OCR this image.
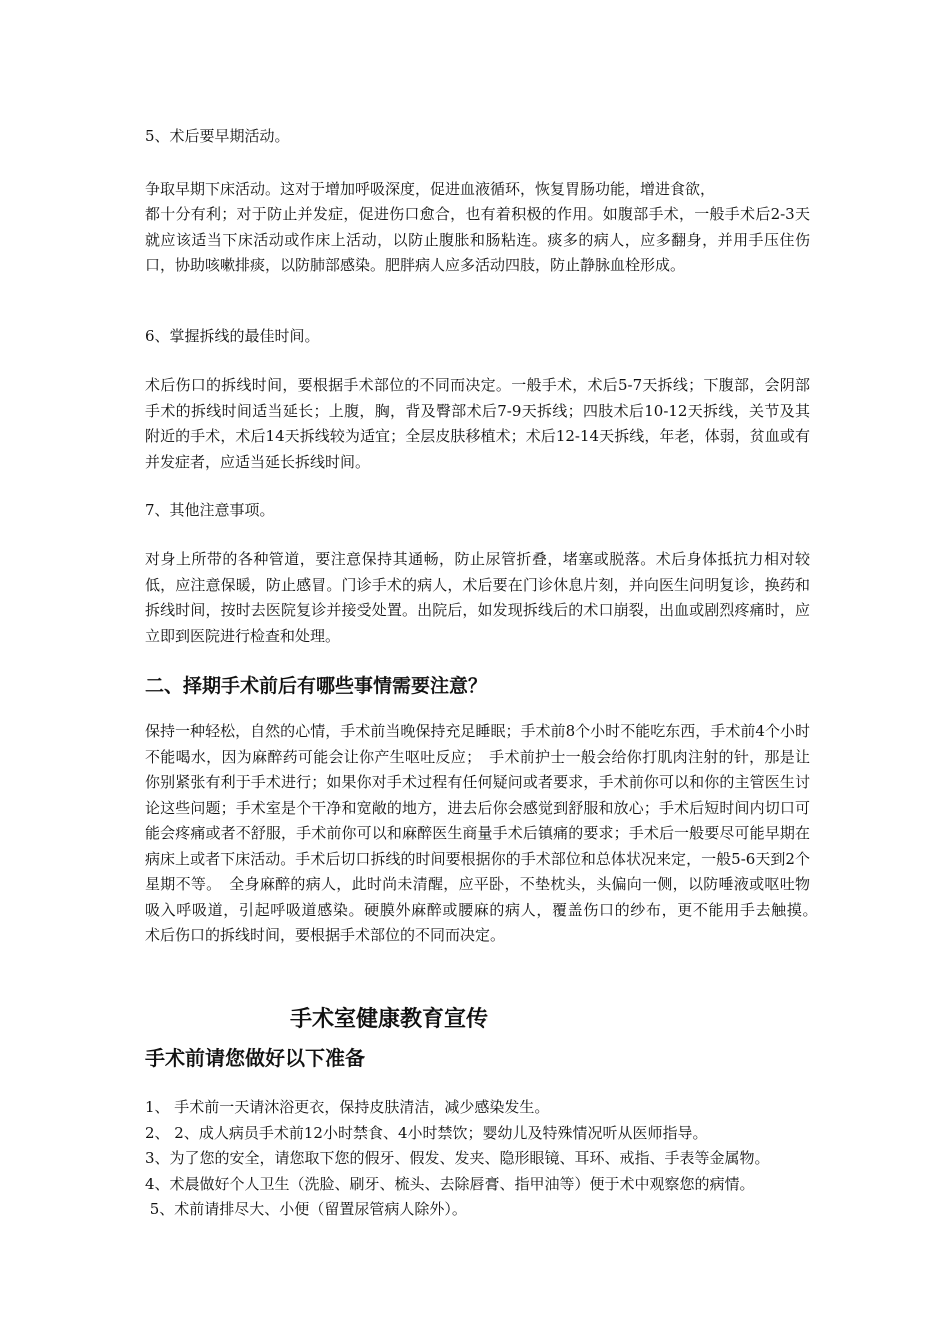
5、术后要早期活动。

争取早期下床活动。这对于增加呼吸深度，促进血液循环，恢复胃肠功能，增进食欲，

都十分有利；对于防止并发症，促进伤口愈合，也有着积极的作用。如腹部手术，一般手术后2-3天就应该适当下床活动或作床上活动，以防止腹胀和肠粘连。痰多的病人，应多翻身，并用手压住伤口，协助咳嗽排痰，以防肺部感染。肥胖病人应多活动四肢，防止静脉血栓形成。

6、掌握拆线的最佳时间。

术后伤口的拆线时间，要根据手术部位的不同而决定。一般手术，术后5-7天拆线；下腹部，会阴部手术的拆线时间适当延长；上腹，胸，背及臀部术后7-9天拆线；四肢术后10-12天拆线，关节及其附近的手术，术后14天拆线较为适宜；全层皮肤移植术；术后12-14天拆线，年老，体弱，贫血或有并发症者，应适当延长拆线时间。

7、其他注意事项。

对身上所带的各种管道，要注意保持其通畅，防止尿管折叠，堵塞或脱落。术后身体抵抗力相对较低，应注意保暖，防止感冒。门诊手术的病人，术后要在门诊休息片刻，并向医生问明复诊，换药和拆线时间，按时去医院复诊并接受处置。出院后，如发现拆线后的术口崩裂，出血或剧烈疼痛时，应立即到医院进行检查和处理。

二、择期手术前后有哪些事情需要注意？

保持一种轻松，自然的心情，手术前当晚保持充足睡眠；手术前8个小时不能吃东西，手术前4个小时不能喝水，因为麻醉药可能会让你产生呕吐反应；　手术前护士一般会给你打肌肉注射的针，那是让你别紧张有利于手术进行；如果你对手术过程有任何疑问或者要求，手术前你可以和你的主管医生讨论这些问题；手术室是个干净和宽敞的地方，进去后你会感觉到舒服和放心；手术后短时间内切口可能会疼痛或者不舒服，手术前你可以和麻醉医生商量手术后镇痛的要求；手术后一般要尽可能早期在病床上或者下床活动。手术后切口拆线的时间要根据你的手术部位和总体状况来定，一般5-6天到2个星期不等。　全身麻醉的病人，此时尚未清醒，应平卧，不垫枕头，头偏向一侧，以防唾液或呕吐物吸入呼吸道，引起呼吸道感染。硬膜外麻醉或腰麻的病人，覆盖伤口的纱布，更不能用手去触摸。　术后伤口的拆线时间，要根据手术部位的不同而决定。

手术室健康教育宣传
手术前请您做好以下准备
1、 手术前一天请沐浴更衣，保持皮肤清洁，减少感染发生。
2、 2、成人病员手术前12小时禁食、4小时禁饮；婴幼儿及特殊情况听从医师指导。
3、为了您的安全，请您取下您的假牙、假发、发夹、隐形眼镜、耳环、戒指、手表等金属物。
4、术晨做好个人卫生（洗脸、刷牙、梳头、去除唇膏、指甲油等）便于术中观察您的病情。
5、术前请排尽大、小便（留置尿管病人除外）。
